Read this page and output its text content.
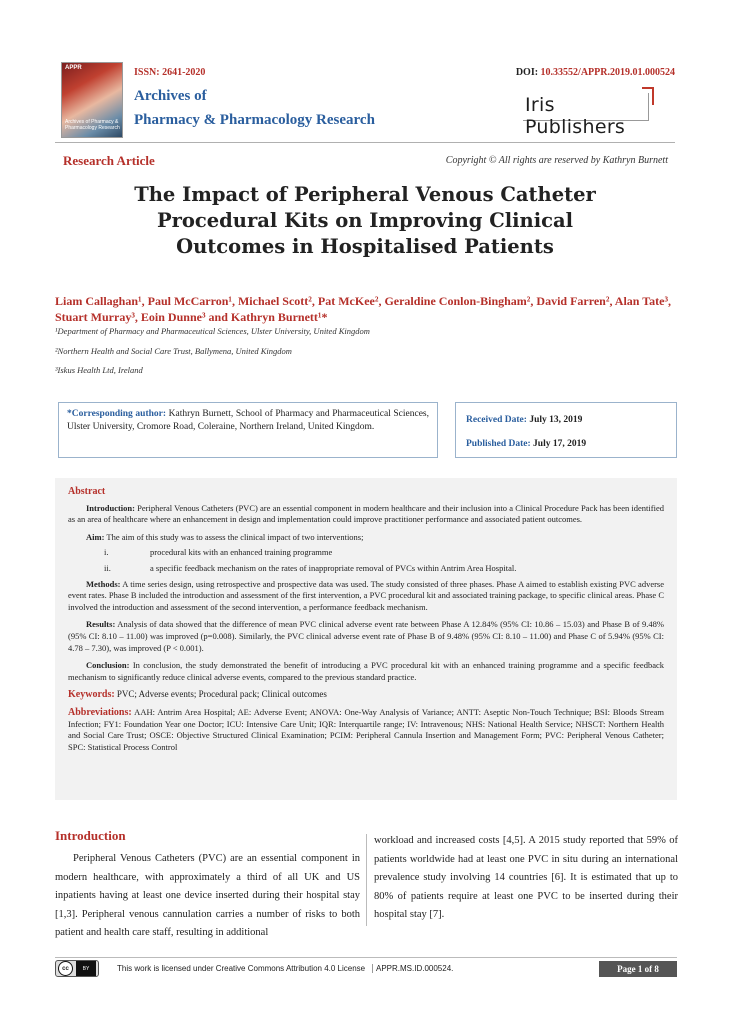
APPR
Archives of Pharmacy & Pharmacology Research
ISSN: 2641-2020
Archives of
Pharmacy & Pharmacology Research
DOI: 10.33552/APPR.2019.01.000524
Iris Publishers
Research Article	Copyright © All rights are reserved by Kathryn Burnett
The Impact of Peripheral Venous Catheter Procedural Kits on Improving Clinical Outcomes in Hospitalised Patients
Liam Callaghan¹, Paul McCarron¹, Michael Scott², Pat McKee², Geraldine Conlon-Bingham², David Farren², Alan Tate³, Stuart Murray³, Eoin Dunne³ and Kathryn Burnett¹*
¹Department of Pharmacy and Pharmaceutical Sciences, Ulster University, United Kingdom
²Northern Health and Social Care Trust, Ballymena, United Kingdom
³Iskus Health Ltd, Ireland
*Corresponding author: Kathryn Burnett, School of Pharmacy and Pharmaceutical Sciences, Ulster University, Cromore Road, Coleraine, Northern Ireland, United Kingdom.
Received Date: July 13, 2019
Published Date: July 17, 2019
Abstract

Introduction: Peripheral Venous Catheters (PVC) are an essential component in modern healthcare and their inclusion into a Clinical Procedure Pack has been identified as an area of healthcare where an enhancement in design and implementation could improve practitioner performance and associated patient outcomes.

Aim: The aim of this study was to assess the clinical impact of two interventions;

i.	procedural kits with an enhanced training programme
ii.	a specific feedback mechanism on the rates of inappropriate removal of PVCs within Antrim Area Hospital.

Methods: A time series design, using retrospective and prospective data was used. The study consisted of three phases. Phase A aimed to establish existing PVC adverse event rates. Phase B included the introduction and assessment of the first intervention, a PVC procedural kit and associated training package, to specific clinical areas. Phase C involved the introduction and assessment of the second intervention, a performance feedback mechanism.

Results: Analysis of data showed that the difference of mean PVC clinical adverse event rate between Phase A 12.84% (95% CI: 10.86 – 15.03) and Phase B of 9.48% (95% CI: 8.10 – 11.00) was improved (p=0.008). Similarly, the PVC clinical adverse event rate of Phase B of 9.48% (95% CI: 8.10 – 11.00) and Phase C of 5.94% (95% CI: 4.78 – 7.30), was improved (P < 0.001).

Conclusion: In conclusion, the study demonstrated the benefit of introducing a PVC procedural kit with an enhanced training programme and a specific feedback mechanism to significantly reduce clinical adverse events, compared to the previous standard practice.

Keywords: PVC; Adverse events; Procedural pack; Clinical outcomes
Abbreviations: AAH: Antrim Area Hospital; AE: Adverse Event; ANOVA: One-Way Analysis of Variance; ANTT: Aseptic Non-Touch Technique; BSI: Bloods Stream Infection; FY1: Foundation Year one Doctor; ICU: Intensive Care Unit; IQR: Interquartile range; IV: Intravenous; NHS: National Health Service; NHSCT: Northern Health and Social Care Trust; OSCE: Objective Structured Clinical Examination; PCIM: Peripheral Cannula Insertion and Management Form; PVC: Peripheral Venous Catheter; SPC: Statistical Process Control
Introduction
Peripheral Venous Catheters (PVC) are an essential component in modern healthcare, with approximately a third of all UK and US inpatients having at least one device inserted during their hospital stay [1,3]. Peripheral venous cannulation carries a number of risks to both patient and health care staff, resulting in additional
workload and increased costs [4,5]. A 2015 study reported that 59% of patients worldwide had at least one PVC in situ during an international prevalence study involving 14 countries [6]. It is estimated that up to 80% of patients require at least one PVC to be inserted during their hospital stay [7].
cc	BY	This work is licensed under Creative Commons Attribution 4.0 License	APPR.MS.ID.000524.	Page 1 of 8
